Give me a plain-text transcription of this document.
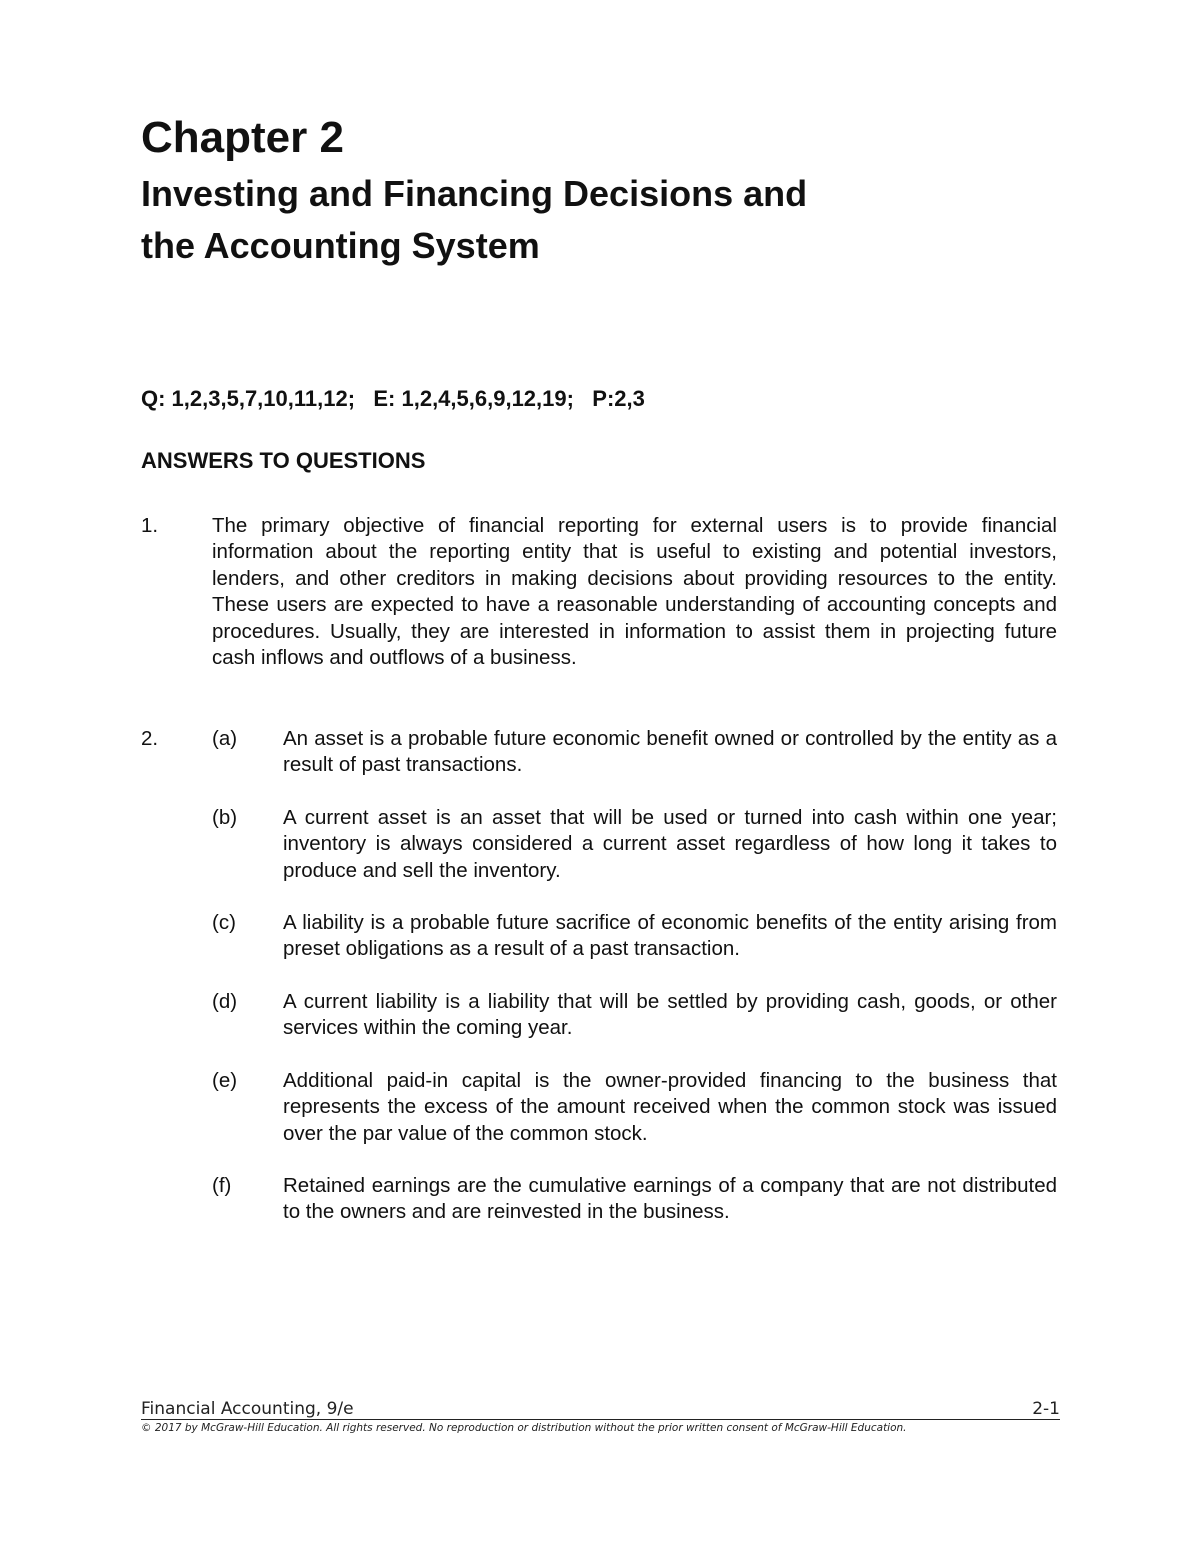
Chapter 2
Investing and Financing Decisions and
the Accounting System

Q: 1,2,3,5,7,10,11,12;   E: 1,2,4,5,6,9,12,19;   P:2,3

ANSWERS TO QUESTIONS
1.	The primary objective of financial reporting for external users is to provide financial information about the reporting entity that is useful to existing and potential investors, lenders, and other creditors in making decisions about providing resources to the entity. These users are expected to have a reasonable understanding of accounting concepts and procedures. Usually, they are interested in information to assist them in projecting future cash inflows and outflows of a business.

2.	(a) An asset is a probable future economic benefit owned or controlled by the entity as a result of past transactions.

(b) A current asset is an asset that will be used or turned into cash within one year; inventory is always considered a current asset regardless of how long it takes to produce and sell the inventory.

(c) A liability is a probable future sacrifice of economic benefits of the entity arising from preset obligations as a result of a past transaction.

(d) A current liability is a liability that will be settled by providing cash, goods, or other services within the coming year.

(e) Additional paid-in capital is the owner-provided financing to the business that represents the excess of the amount received when the common stock was issued over the par value of the common stock.

(f)	Retained earnings are the cumulative earnings of a company that are not distributed to the owners and are reinvested in the business.

Financial Accounting, 9/e	2-1
© 2017 by McGraw-Hill Education. All rights reserved. No reproduction or distribution without the prior written consent of McGraw-Hill Education.
